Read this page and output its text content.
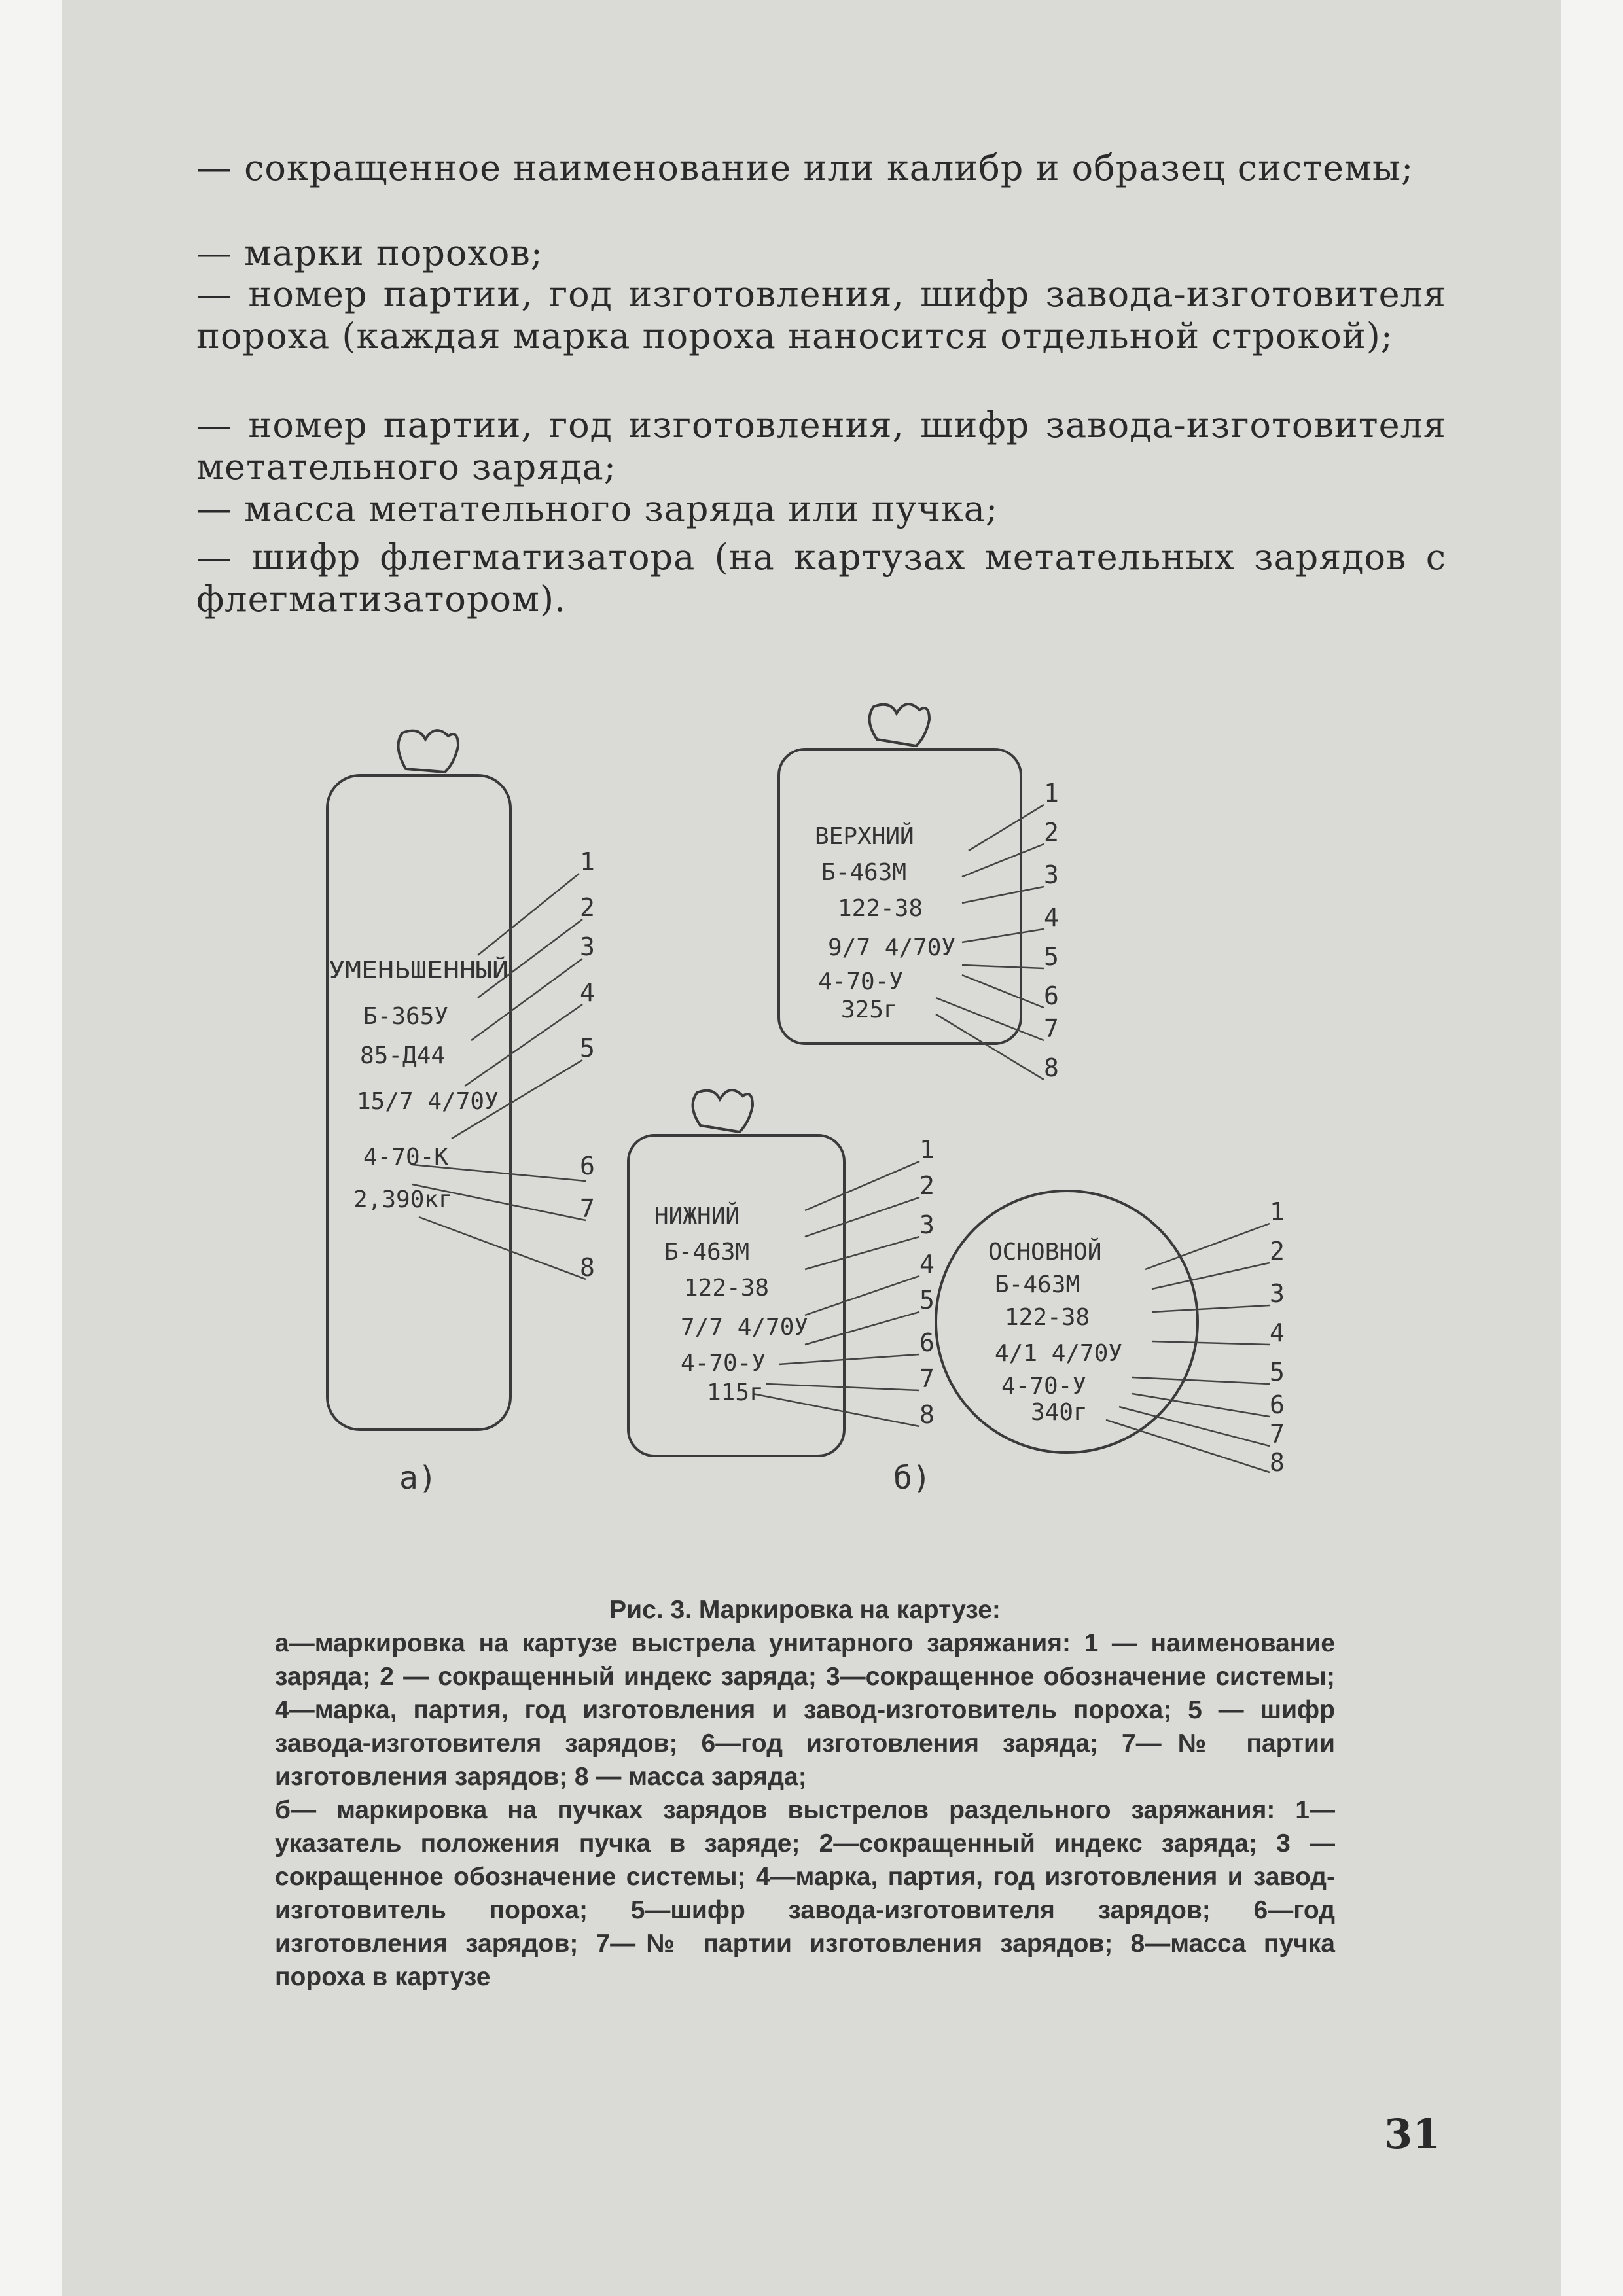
— сокращенное наименование или калибр и образец системы;
— марки порохов;
— номер партии, год изготовления, шифр завода-изготовителя пороха (каждая марка пороха наносится отдельной строкой);
— номер партии, год изготовления, шифр завода-изготовителя метательного заряда;
— масса метательного заряда или пучка;
— шифр флегматизатора (на картузах метательных зарядов с флегматизатором).
1
2
3
4
5
6
7
8
1
2
3
4
5
6
7
8
1
2
3
4
5
6
7
8
1
2
3
4
5
6
7
8
УМЕНЬШЕННЫЙ
Б-365У
85-Д44
15/7 4/70У
4-70-К
2,390кг
ВЕРХНИЙ
Б-463М
122-38
9/7 4/70У
4-70-У
325г
НИЖНИЙ
Б-463М
122-38
7/7 4/70У
4-70-У
115г
ОСНОВНОЙ
Б-463М
122-38
4/1 4/70У
4-70-У
340г
а)	б)
Рис. 3. Маркировка на картузе:
а—маркировка на картузе выстрела унитарного заряжания: 1 — наименование заряда; 2 — сокращенный индекс заряда; 3—сокращенное обозначение системы; 4—марка, партия, год изготовления и завод-изготовитель пороха; 5 — шифр завода-изготовителя зарядов; 6—год изготовления заряда; 7—№ партии изготовления зарядов; 8 — масса заряда;
б— маркировка на пучках зарядов выстрелов раздельного заряжания: 1—указатель положения пучка в заряде; 2—сокращенный индекс заряда; 3 — сокращенное обозначение системы; 4—марка, партия, год изготовления и завод-изготовитель пороха; 5—шифр завода-изготовителя зарядов; 6—год изготовления зарядов; 7—№ партии изготовления зарядов; 8—масса пучка пороха в картузе
31
